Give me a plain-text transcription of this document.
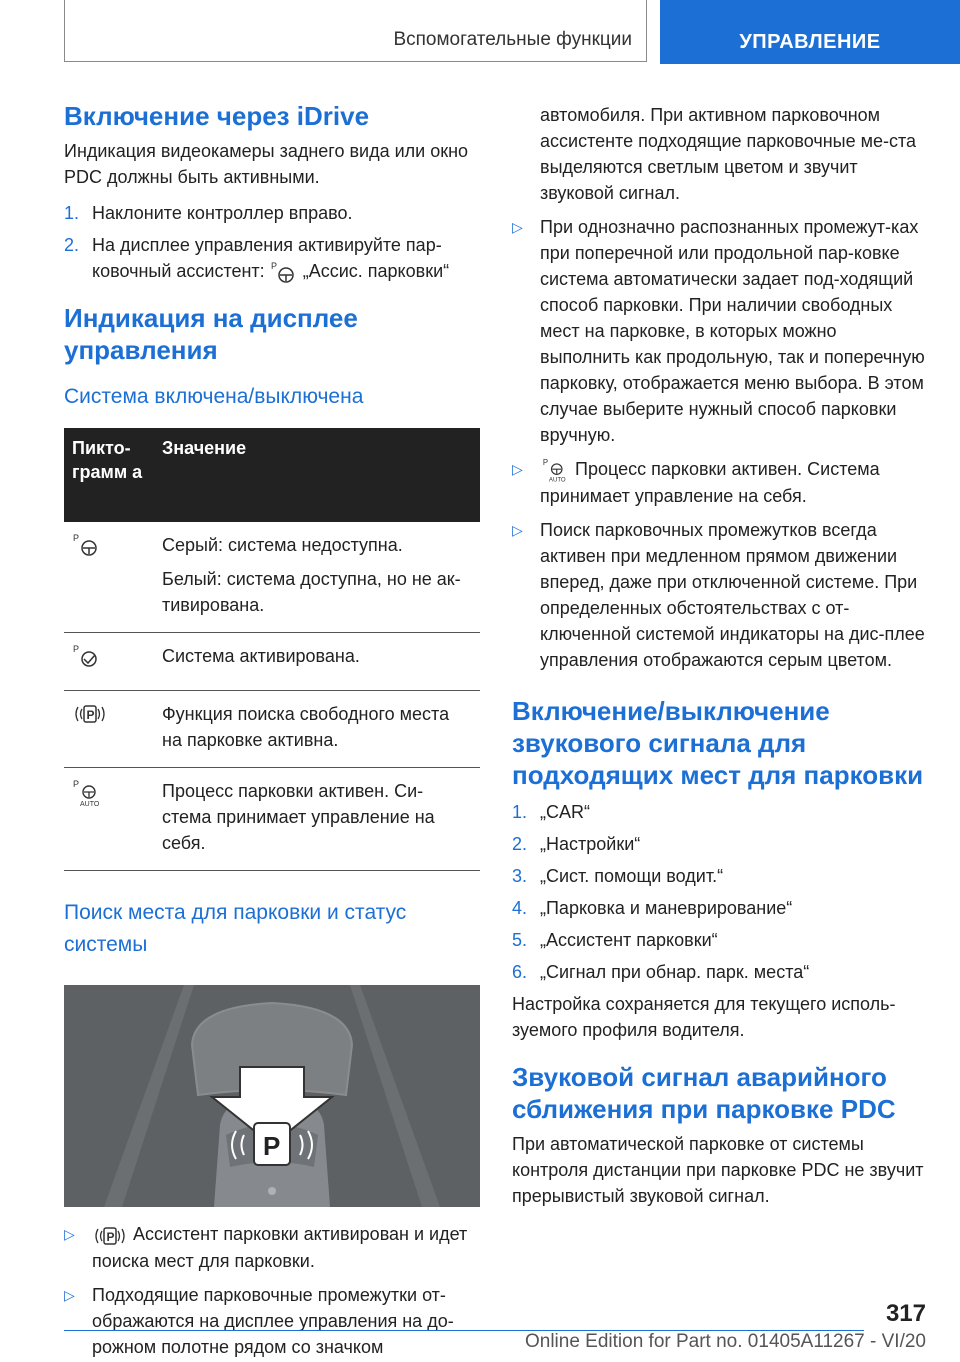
Вспомогательные функции	УПРАВЛЕНИЕ
Включение через iDrive

Индикация видеокамеры заднего вида или окно PDC должны быть активными.

1. Наклоните контроллер вправо.
2. На дисплее управления активируйте пар-ковочный ассистент: P „Ассис. парковки“
Индикация на дисплее управления
Система включена/выключена
Пикто-грамм а	Значение

P	Серый: система недоступна.
Белый: система доступна, но не ак-тивирована.

P	Система активирована.

P	Функция поиска свободного места на парковке активна.

P
AUTO	Процесс парковки активен. Си-стема принимает управление на себя.
Поиск места для парковки и статус системы
P
▷	P Ассистент парковки активирован и идет поиска мест для парковки.
▷ Подходящие парковочные промежутки от-ображаются на дисплее управления на до-рожном полотне рядом со значком

автомобиля. При активном парковочном ассистенте подходящие парковочные ме-ста выделяются светлым цветом и звучит звуковой сигнал.

▷ При однозначно распознанных промежут-ках при поперечной или продольной пар-ковке система автоматически задает под-ходящий способ парковки. При наличии свободных мест на парковке, в которых можно выполнить как продольную, так и поперечную парковку, отображается меню выбора. В этом случае выберите нужный способ парковки вручную.
▷	P
AUTO
Процесс парковки активен. Система принимает управление на себя.
▷ Поиск парковочных промежутков всегда активен при медленном прямом движении вперед, даже при отключенной системе. При определенных обстоятельствах с от-ключенной системой индикаторы на дис-плее управления отображаются серым цветом.
Включение/выключение звукового сигнала для подходящих мест для парковки
1. „CAR“
2. „Настройки“
3. „Сист. помощи водит.“
4. „Парковка и маневрирование“
5. „Ассистент парковки“
6. „Сигнал при обнар. парк. места“

Настройка сохраняется для текущего исполь-зуемого профиля водителя.

Звуковой сигнал аварийного сближения при парковке PDC

При автоматической парковке от системы контроля дистанции при парковке PDC не звучит прерывистый звуковой сигнал.

317
Online Edition for Part no. 01405A11267 - VI/20
